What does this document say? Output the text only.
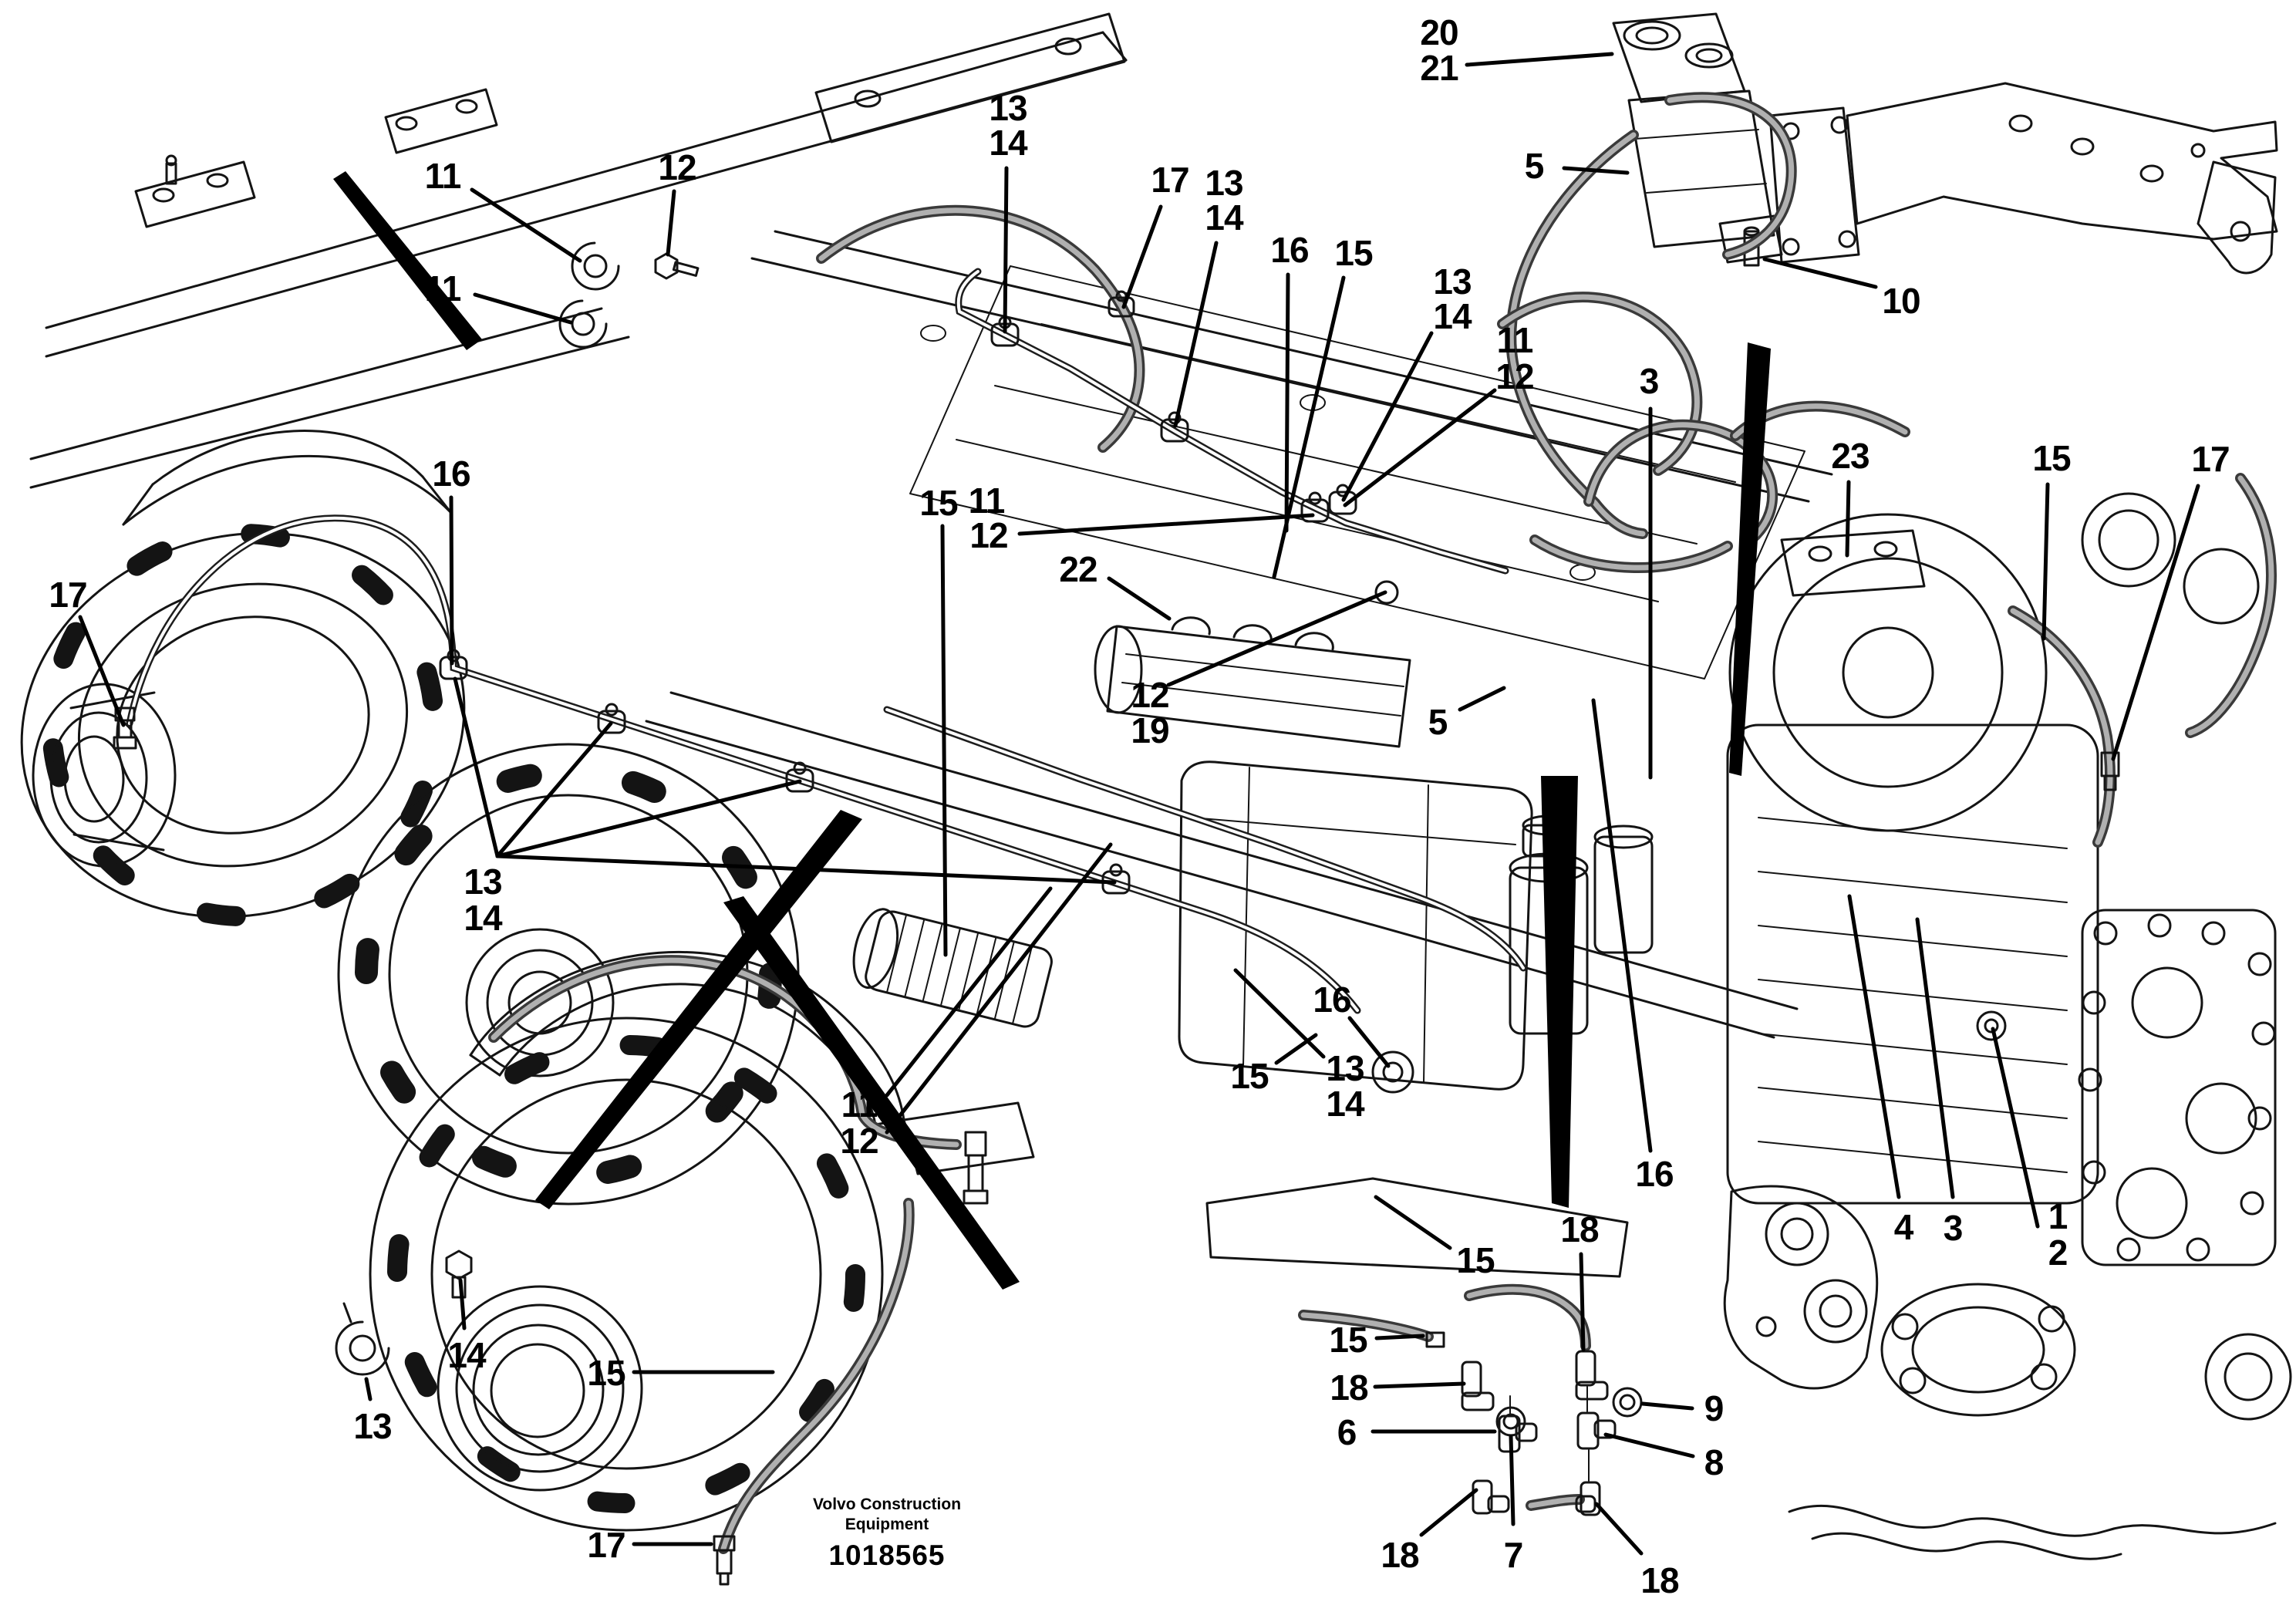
11	12
11
13
14
17 13
14
16 15
13
14
11
12	3
20
21
5
10
23	15	17
15 11
12
22
12
19	5
17
16
13
14
11
12
16
13
14
15
15
16
18
15
18
6
18 7
18
9
8
4 3 1
2
14
13
15
17
Volvo Construction
Equipment
1018565
